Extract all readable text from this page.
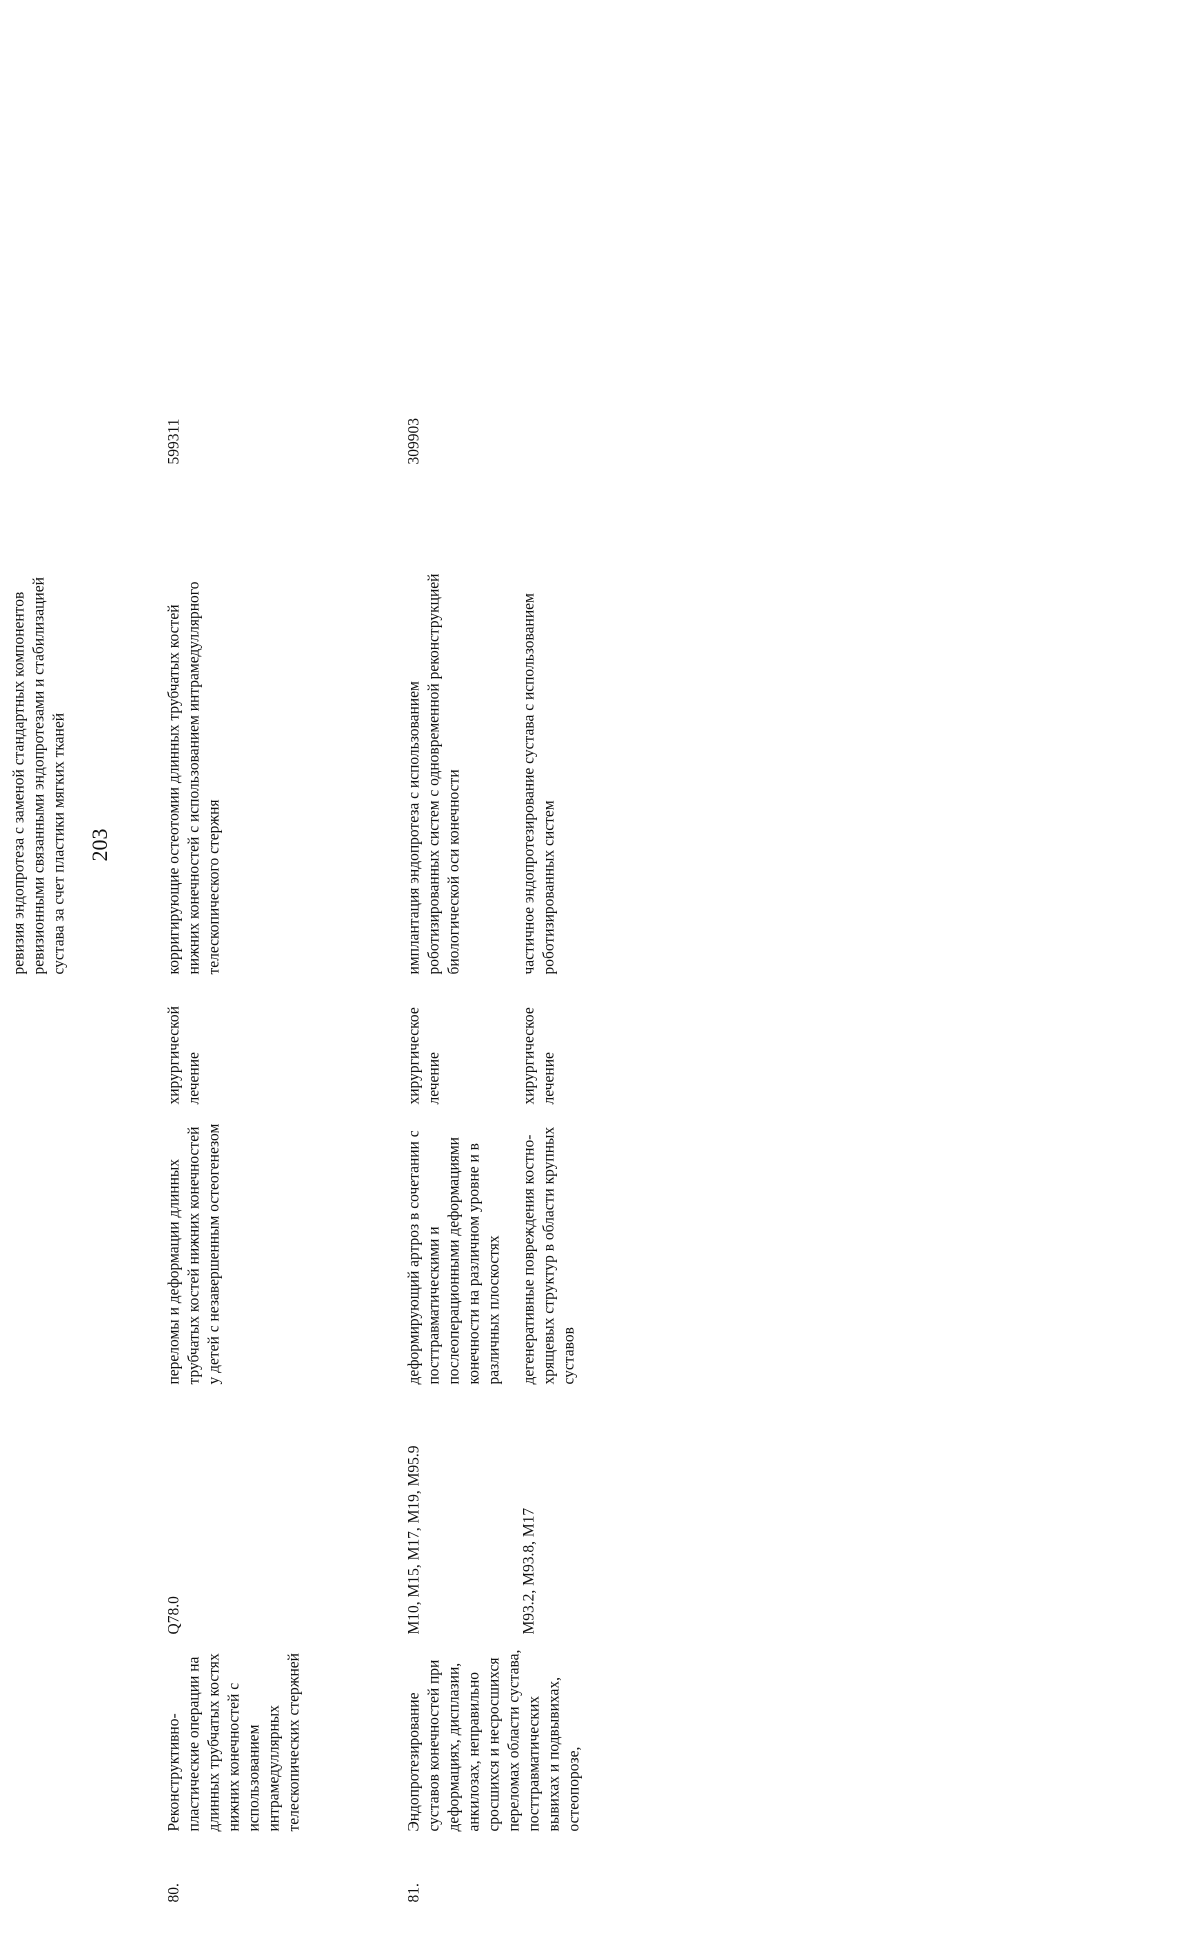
203
ревизия эндопротеза с заменой стандартных компонентов ревизионными связанными эндопротезами и стабилизацией сустава за счет пластики мягких тканей
80.
Реконструктивно-пластические операции на длинных трубчатых костях нижних конечностей с использованием интрамедуллярных телескопических стержней
Q78.0
переломы и деформации длинных трубчатых костей нижних конечностей у детей с незавершенным остеогенезом
хирургической лечение
корригирующие остеотомии длинных трубчатых костей нижних конечностей с использованием интрамедуллярного телескопического стержня
599311
81.
Эндопротезирование суставов конечностей при деформациях, дисплазии, анкилозах, неправильно сросшихся и несросшихся переломах области сустава, посттравматических вывихах и подвывихах, остеопорозе,
M10, M15, M17, M19, M95.9
деформирующий артроз в сочетании с посттравматическими и послеоперационными деформациями конечности на различном уровне и в различных плоскостях
хирургическое лечение
имплантация эндопротеза с использованием роботизированных систем с одновременной реконструкцией биологической оси конечности
309903
M93.2, M93.8, M17
дегенеративные повреждения костно-хрящевых структур в области крупных суставов
хирургическое лечение
частичное эндопротезирование сустава с использованием роботизированных систем
